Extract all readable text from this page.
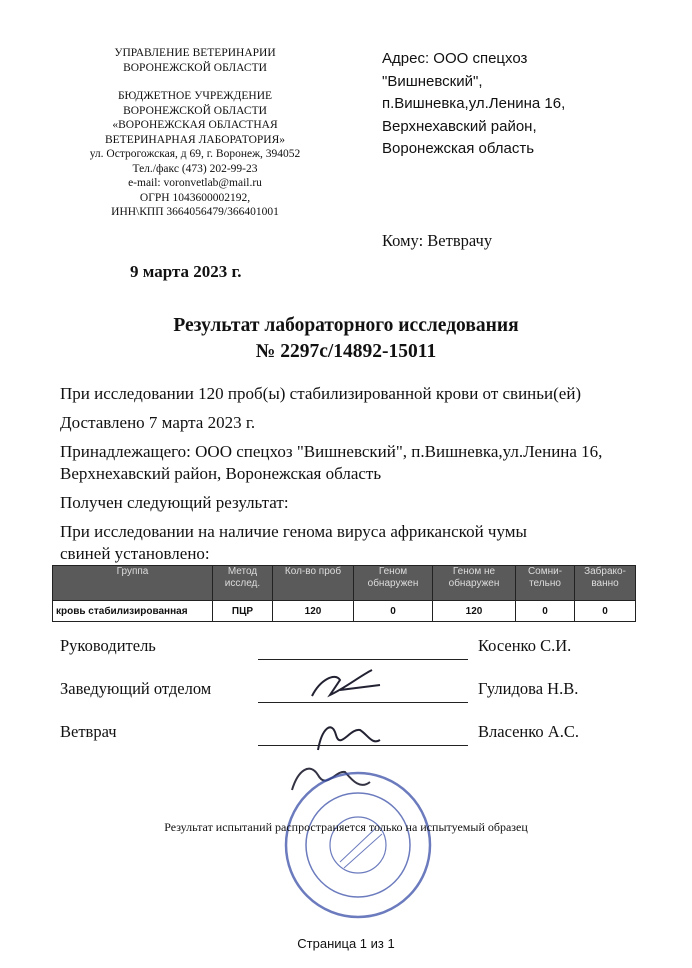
УПРАВЛЕНИЕ ВЕТЕРИНАРИИ
ВОРОНЕЖСКОЙ ОБЛАСТИ
БЮДЖЕТНОЕ УЧРЕЖДЕНИЕ
ВОРОНЕЖСКОЙ ОБЛАСТИ
«ВОРОНЕЖСКАЯ ОБЛАСТНАЯ
ВЕТЕРИНАРНАЯ ЛАБОРАТОРИЯ»
ул. Острогожская, д 69, г. Воронеж, 394052
Тел./факс (473) 202-99-23
e-mail: voronvetlab@mail.ru
ОГРН 1043600002192,
ИНН\КПП 3664056479/366401001
Адрес: ООО спецхоз
"Вишневский",
п.Вишневка,ул.Ленина 16,
Верхнехавский район,
Воронежская область
Кому: Ветврачу
9 марта 2023 г.
Результат лабораторного исследования
№ 2297с/14892-15011
При исследовании 120 проб(ы) стабилизированной крови от свиньи(ей)
Доставлено 7 марта 2023 г.
Принадлежащего: ООО спецхоз "Вишневский", п.Вишневка,ул.Ленина 16, Верхнехавский район, Воронежская область
Получен следующий результат:
При исследовании на наличие генома вируса африканской чумы свиней установлено:
Группа	Метод исслед.	Кол-во проб	Геном обнаружен	Геном не обнаружен	Сомни-тельно	Забрако-ванно
кровь стабилизированная	ПЦР	120	0	120	0	0
Руководитель	Косенко С.И.
Заведующий отделом	Гулидова Н.В.
Ветврач	Власенко А.С.
Результат испытаний распространяется только на испытуемый образец
Страница 1 из 1
